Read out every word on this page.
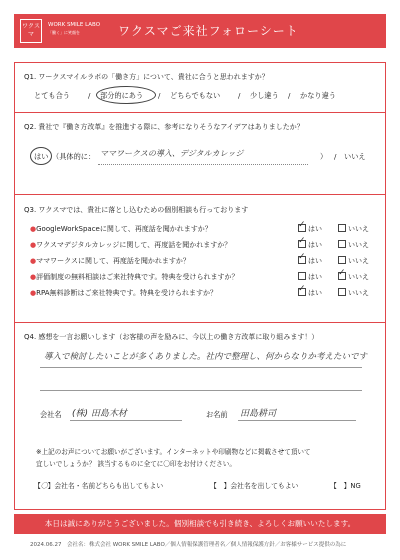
ワクスマ
WORK SMILE LABO
「働く」に笑顔を	ワクスマご来社フォローシート
Q1. ワークスマイルラボの「働き方」について、貴社に合うと思われますか？
とても合う	/ 部分的にあう / どちらでもない / 少し違う / かなり違う
Q2. 貴社で『働き方改革』を推進する際に、参考になりそうなアイデアはありましたか？
はい （具体的に： ママワークスの導入、デジタルカレッジ	） / いいえ
Q3. ワクスマでは、貴社に落とし込むための個別相談も行っております
●GoogleWorkSpaceに関して、再度話を聞かれますか？ ✓	はい	いいえ
●ワクスマデジタルカレッジに関して、再度話を聞かれますか？ ✓	はい	いいえ
●ママワークスに関して、再度話を聞かれますか？ ✓	はい	いいえ
●評価制度の無料相談はご来社特典です。特典を受けられますか？	はい ✓	いいえ
●RPA無料診断はご来社特典です。特典を受けられますか？ ✓	はい	いいえ
Q4. 感想を一言お願いします（お客様の声を励みに、今以上の働き方改革に取り組みます！）
導入で検討したいことが多くありました。社内で整理し、何からなりか考えたいです
会社名 (株) 田島木材	お名前 田島耕司
※上記のお声についてお願いがございます。インターネットや印刷物などに掲載させて頂いて
宜しいでしょうか？ 該当するものに全てに〇印をお付けください。
【〇】会社名・名前どちらも出してもよい	【　】会社名を出してもよい	【　】NG
本日は誠にありがとうございました。個別相談でも引き続き、よろしくお願いいたします。
2024.06.27　会社名：株式会社 WORK SMILE LABO／個人情報保護管理者名／個人情報保護方針／お客様サービス提供の為に
